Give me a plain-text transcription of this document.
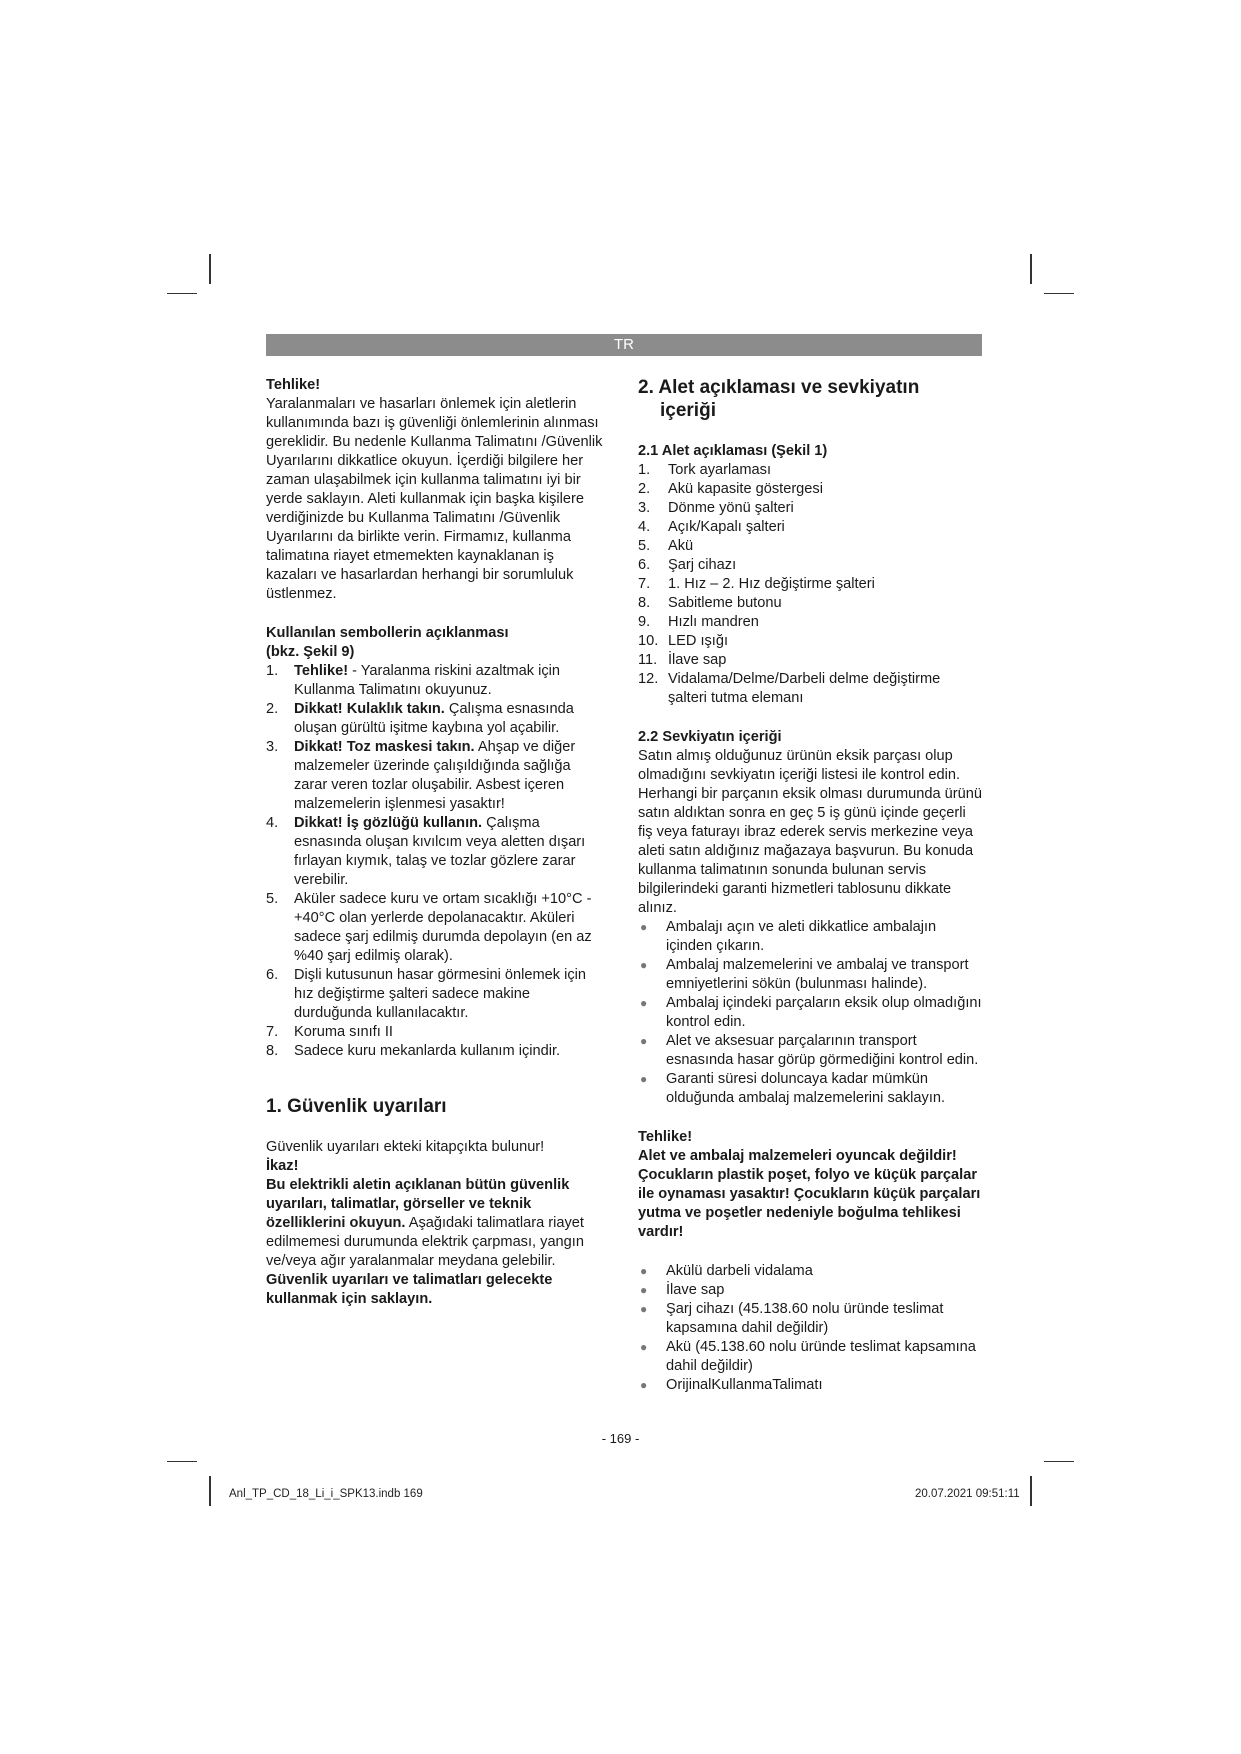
TR

Tehlike!

Yaralanmaları ve hasarları önlemek için aletlerin kullanımında bazı iş güvenliği önlemlerinin alınması gereklidir. Bu nedenle Kullanma Talimatını /Güvenlik Uyarılarını dikkatlice okuyun. İçerdiği bilgilere her zaman ulaşabilmek için kullanma talimatını iyi bir yerde saklayın. Aleti kullanmak için başka kişilere verdiğinizde bu Kullanma Talimatını /Güvenlik Uyarılarını da birlikte verin. Firmamız, kullanma talimatına riayet etmemekten kaynaklanan iş kazaları ve hasarlardan herhangi bir sorumluluk üstlenmez.

Kullanılan sembollerin açıklanması

(bkz. Şekil 9)

1. Tehlike! - Yaralanma riskini azaltmak için Kullanma Talimatını okuyunuz.
2. Dikkat! Kulaklık takın. Çalışma esnasında oluşan gürültü işitme kaybına yol açabilir.
3. Dikkat! Toz maskesi takın. Ahşap ve diğer malzemeler üzerinde çalışıldığında sağlığa zarar veren tozlar oluşabilir. Asbest içeren malzemelerin işlenmesi yasaktır!
4. Dikkat! İş gözlüğü kullanın. Çalışma esnasında oluşan kıvılcım veya aletten dışarı fırlayan kıymık, talaş ve tozlar gözlere zarar verebilir.
5. Aküler sadece kuru ve ortam sıcaklığı +10°C - +40°C olan yerlerde depolanacaktır. Aküleri sadece şarj edilmiş durumda depolayın (en az %40 şarj edilmiş olarak).
6. Dişli kutusunun hasar görmesini önlemek için hız değiştirme şalteri sadece makine durduğunda kullanılacaktır.
7. Koruma sınıfı II
8. Sadece kuru mekanlarda kullanım içindir.

1. Güvenlik uyarıları

Güvenlik uyarıları ekteki kitapçıkta bulunur!

İkaz!

Bu elektrikli aletin açıklanan bütün güvenlik uyarıları, talimatlar, görseller ve teknik özelliklerini okuyun. Aşağıdaki talimatlara riayet edilmemesi durumunda elektrik çarpması, yangın ve/veya ağır yaralanmalar meydana gelebilir.

Güvenlik uyarıları ve talimatları gelecekte kullanmak için saklayın.

2. Alet açıklaması ve sevkiyatın

içeriği

2.1 Alet açıklaması (Şekil 1)

1. Tork ayarlaması
2. Akü kapasite göstergesi
3. Dönme yönü şalteri
4. Açık/Kapalı şalteri
5. Akü
6. Şarj cihazı
7. 1. Hız – 2. Hız değiştirme şalteri
8. Sabitleme butonu
9. Hızlı mandren
10. LED ışığı
11. İlave sap
12. Vidalama/Delme/Darbeli delme değiştirme şalteri tutma elemanı

2.2 Sevkiyatın içeriği

Satın almış olduğunuz ürünün eksik parçası olup olmadığını sevkiyatın içeriği listesi ile kontrol edin. Herhangi bir parçanın eksik olması durumunda ürünü satın aldıktan sonra en geç 5 iş günü içinde geçerli fiş veya faturayı ibraz ederek servis merkezine veya aleti satın aldığınız mağazaya başvurun. Bu konuda kullanma talimatının sonunda bulunan servis bilgilerindeki garanti hizmetleri tablosunu dikkate alınız.

● Ambalajı açın ve aleti dikkatlice ambalajın içinden çıkarın.
● Ambalaj malzemelerini ve ambalaj ve transport emniyetlerini sökün (bulunması halinde).
● Ambalaj içindeki parçaların eksik olup olmadığını kontrol edin.
● Alet ve aksesuar parçalarının transport esnasında hasar görüp görmediğini kontrol edin.
● Garanti süresi doluncaya kadar mümkün olduğunda ambalaj malzemelerini saklayın.

Tehlike!

Alet ve ambalaj malzemeleri oyuncak değildir! Çocukların plastik poşet, folyo ve küçük parçalar ile oynaması yasaktır! Çocukların küçük parçaları yutma ve poşetler nedeniyle boğulma tehlikesi vardır!

● Akülü darbeli vidalama
● İlave sap
● Şarj cihazı (45.138.60 nolu üründe teslimat kapsamına dahil değildir)
● Akü (45.138.60 nolu üründe teslimat kapsamına dahil değildir)
● OrijinalKullanmaTalimatı
- 169 -
Anl_TP_CD_18_Li_i_SPK13.indb 169	20.07.2021 09:51:11
